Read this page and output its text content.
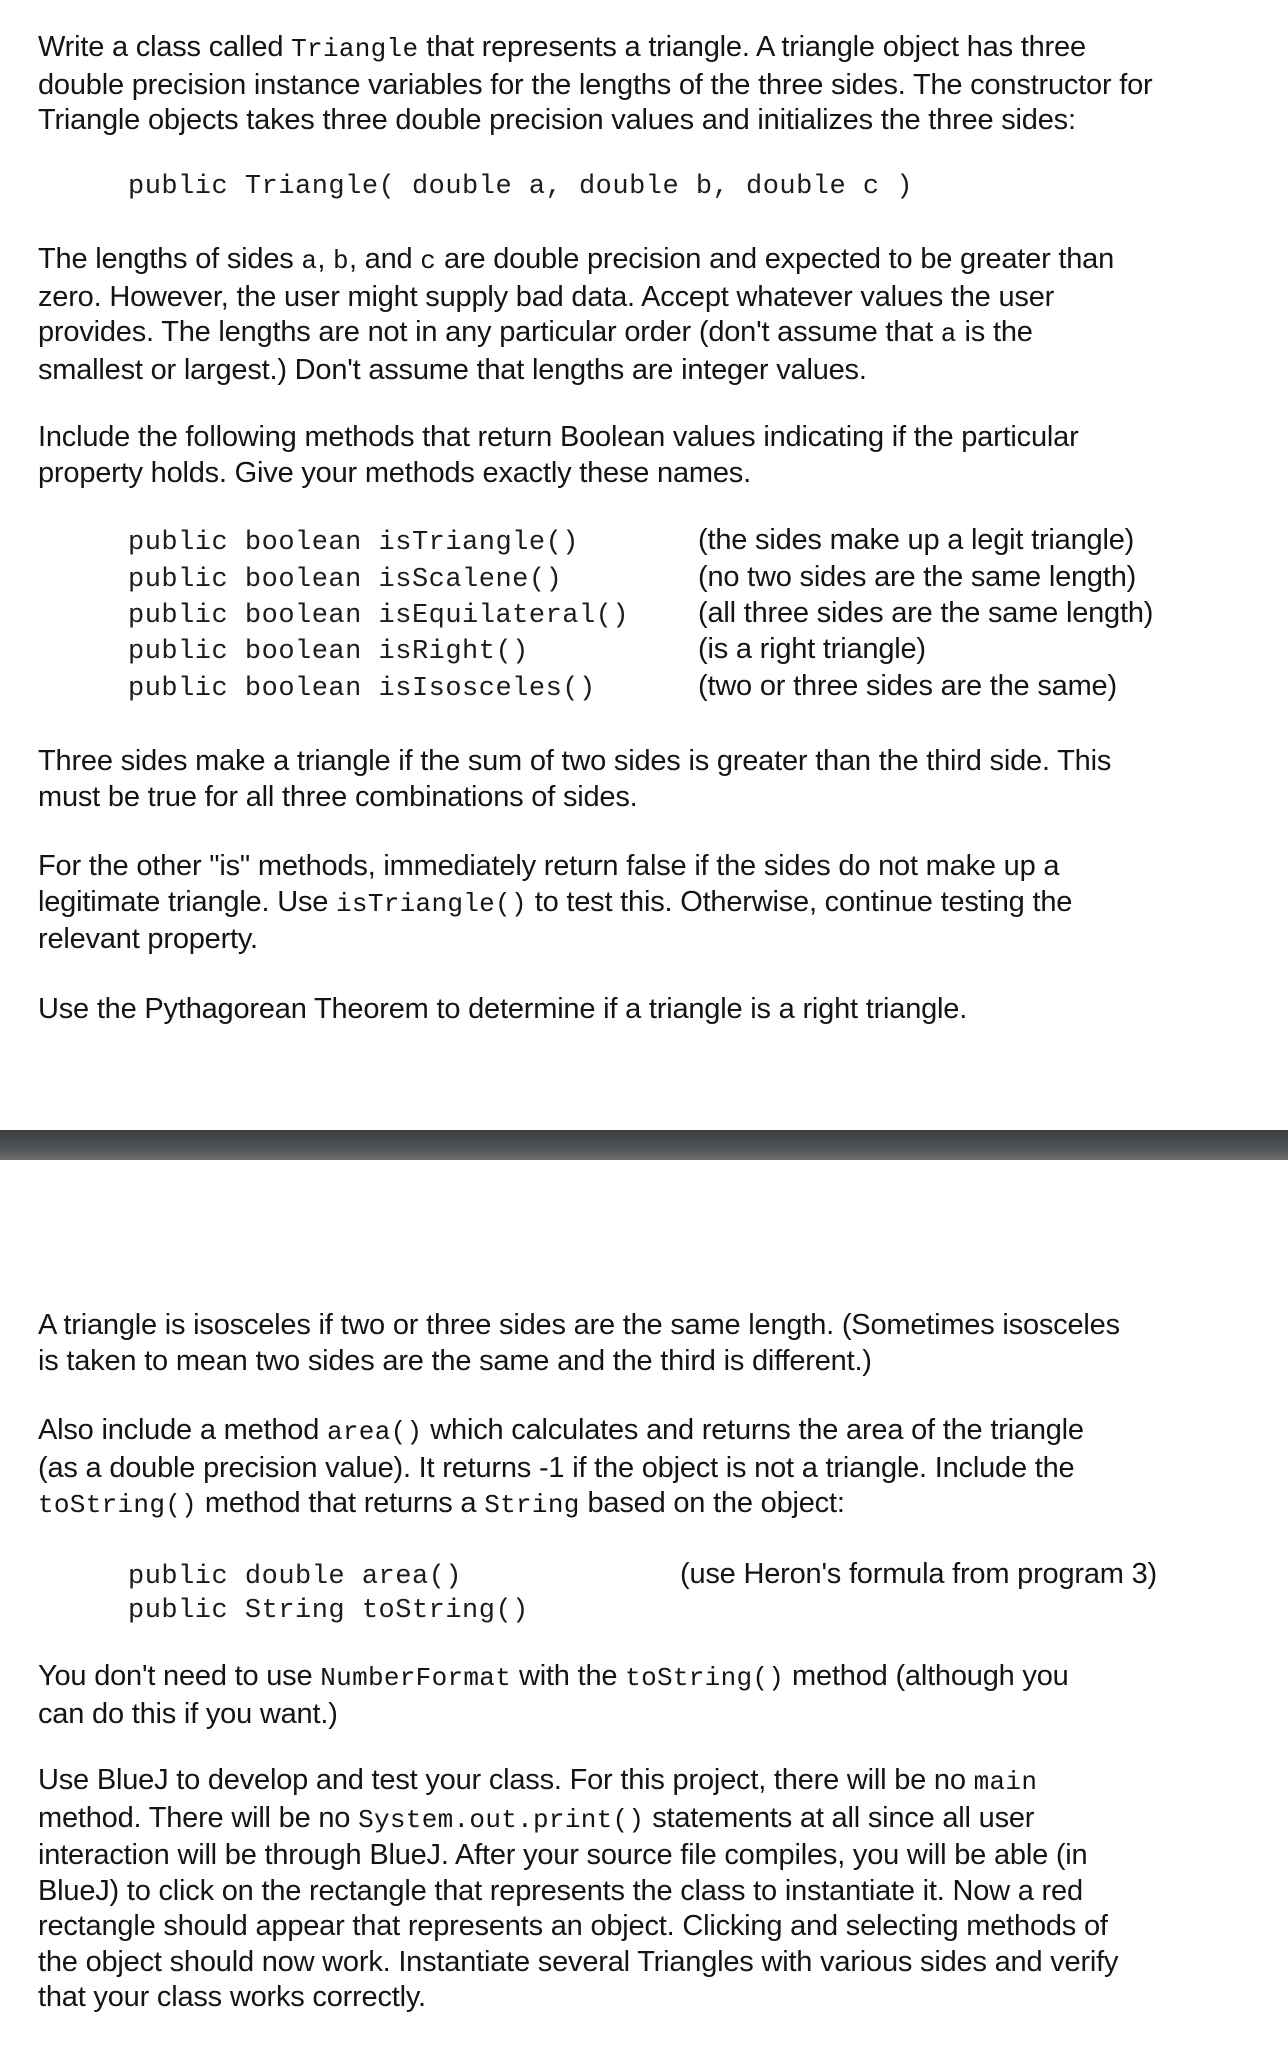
Write a class called Triangle that represents a triangle. A triangle object has three
double precision instance variables for the lengths of the three sides. The constructor for
Triangle objects takes three double precision values and initializes the three sides:
public Triangle( double a, double b, double c )
The lengths of sides a, b, and c are double precision and expected to be greater than
zero. However, the user might supply bad data. Accept whatever values the user
provides. The lengths are not in any particular order (don't assume that a is the
smallest or largest.) Don't assume that lengths are integer values.
Include the following methods that return Boolean values indicating if the particular
property holds. Give your methods exactly these names.
public boolean isTriangle()	(the sides make up a legit triangle)
public boolean isScalene()	(no two sides are the same length)
public boolean isEquilateral() (all three sides are the same length)
public boolean isRight()	(is a right triangle)
public boolean isIsosceles()	(two or three sides are the same)
Three sides make a triangle if the sum of two sides is greater than the third side. This
must be true for all three combinations of sides.
For the other "is" methods, immediately return false if the sides do not make up a
legitimate triangle. Use isTriangle() to test this. Otherwise, continue testing the
relevant property.
Use the Pythagorean Theorem to determine if a triangle is a right triangle.
A triangle is isosceles if two or three sides are the same length. (Sometimes isosceles
is taken to mean two sides are the same and the third is different.)
Also include a method area() which calculates and returns the area of the triangle
(as a double precision value). It returns -1 if the object is not a triangle. Include the
toString() method that returns a String based on the object:
public double area()	(use Heron's formula from program 3)
public String toString()
You don't need to use NumberFormat with the toString() method (although you
can do this if you want.)
Use BlueJ to develop and test your class. For this project, there will be no main
method. There will be no System.out.print() statements at all since all user
interaction will be through BlueJ. After your source file compiles, you will be able (in
BlueJ) to click on the rectangle that represents the class to instantiate it. Now a red
rectangle should appear that represents an object. Clicking and selecting methods of
the object should now work. Instantiate several Triangles with various sides and verify
that your class works correctly.
